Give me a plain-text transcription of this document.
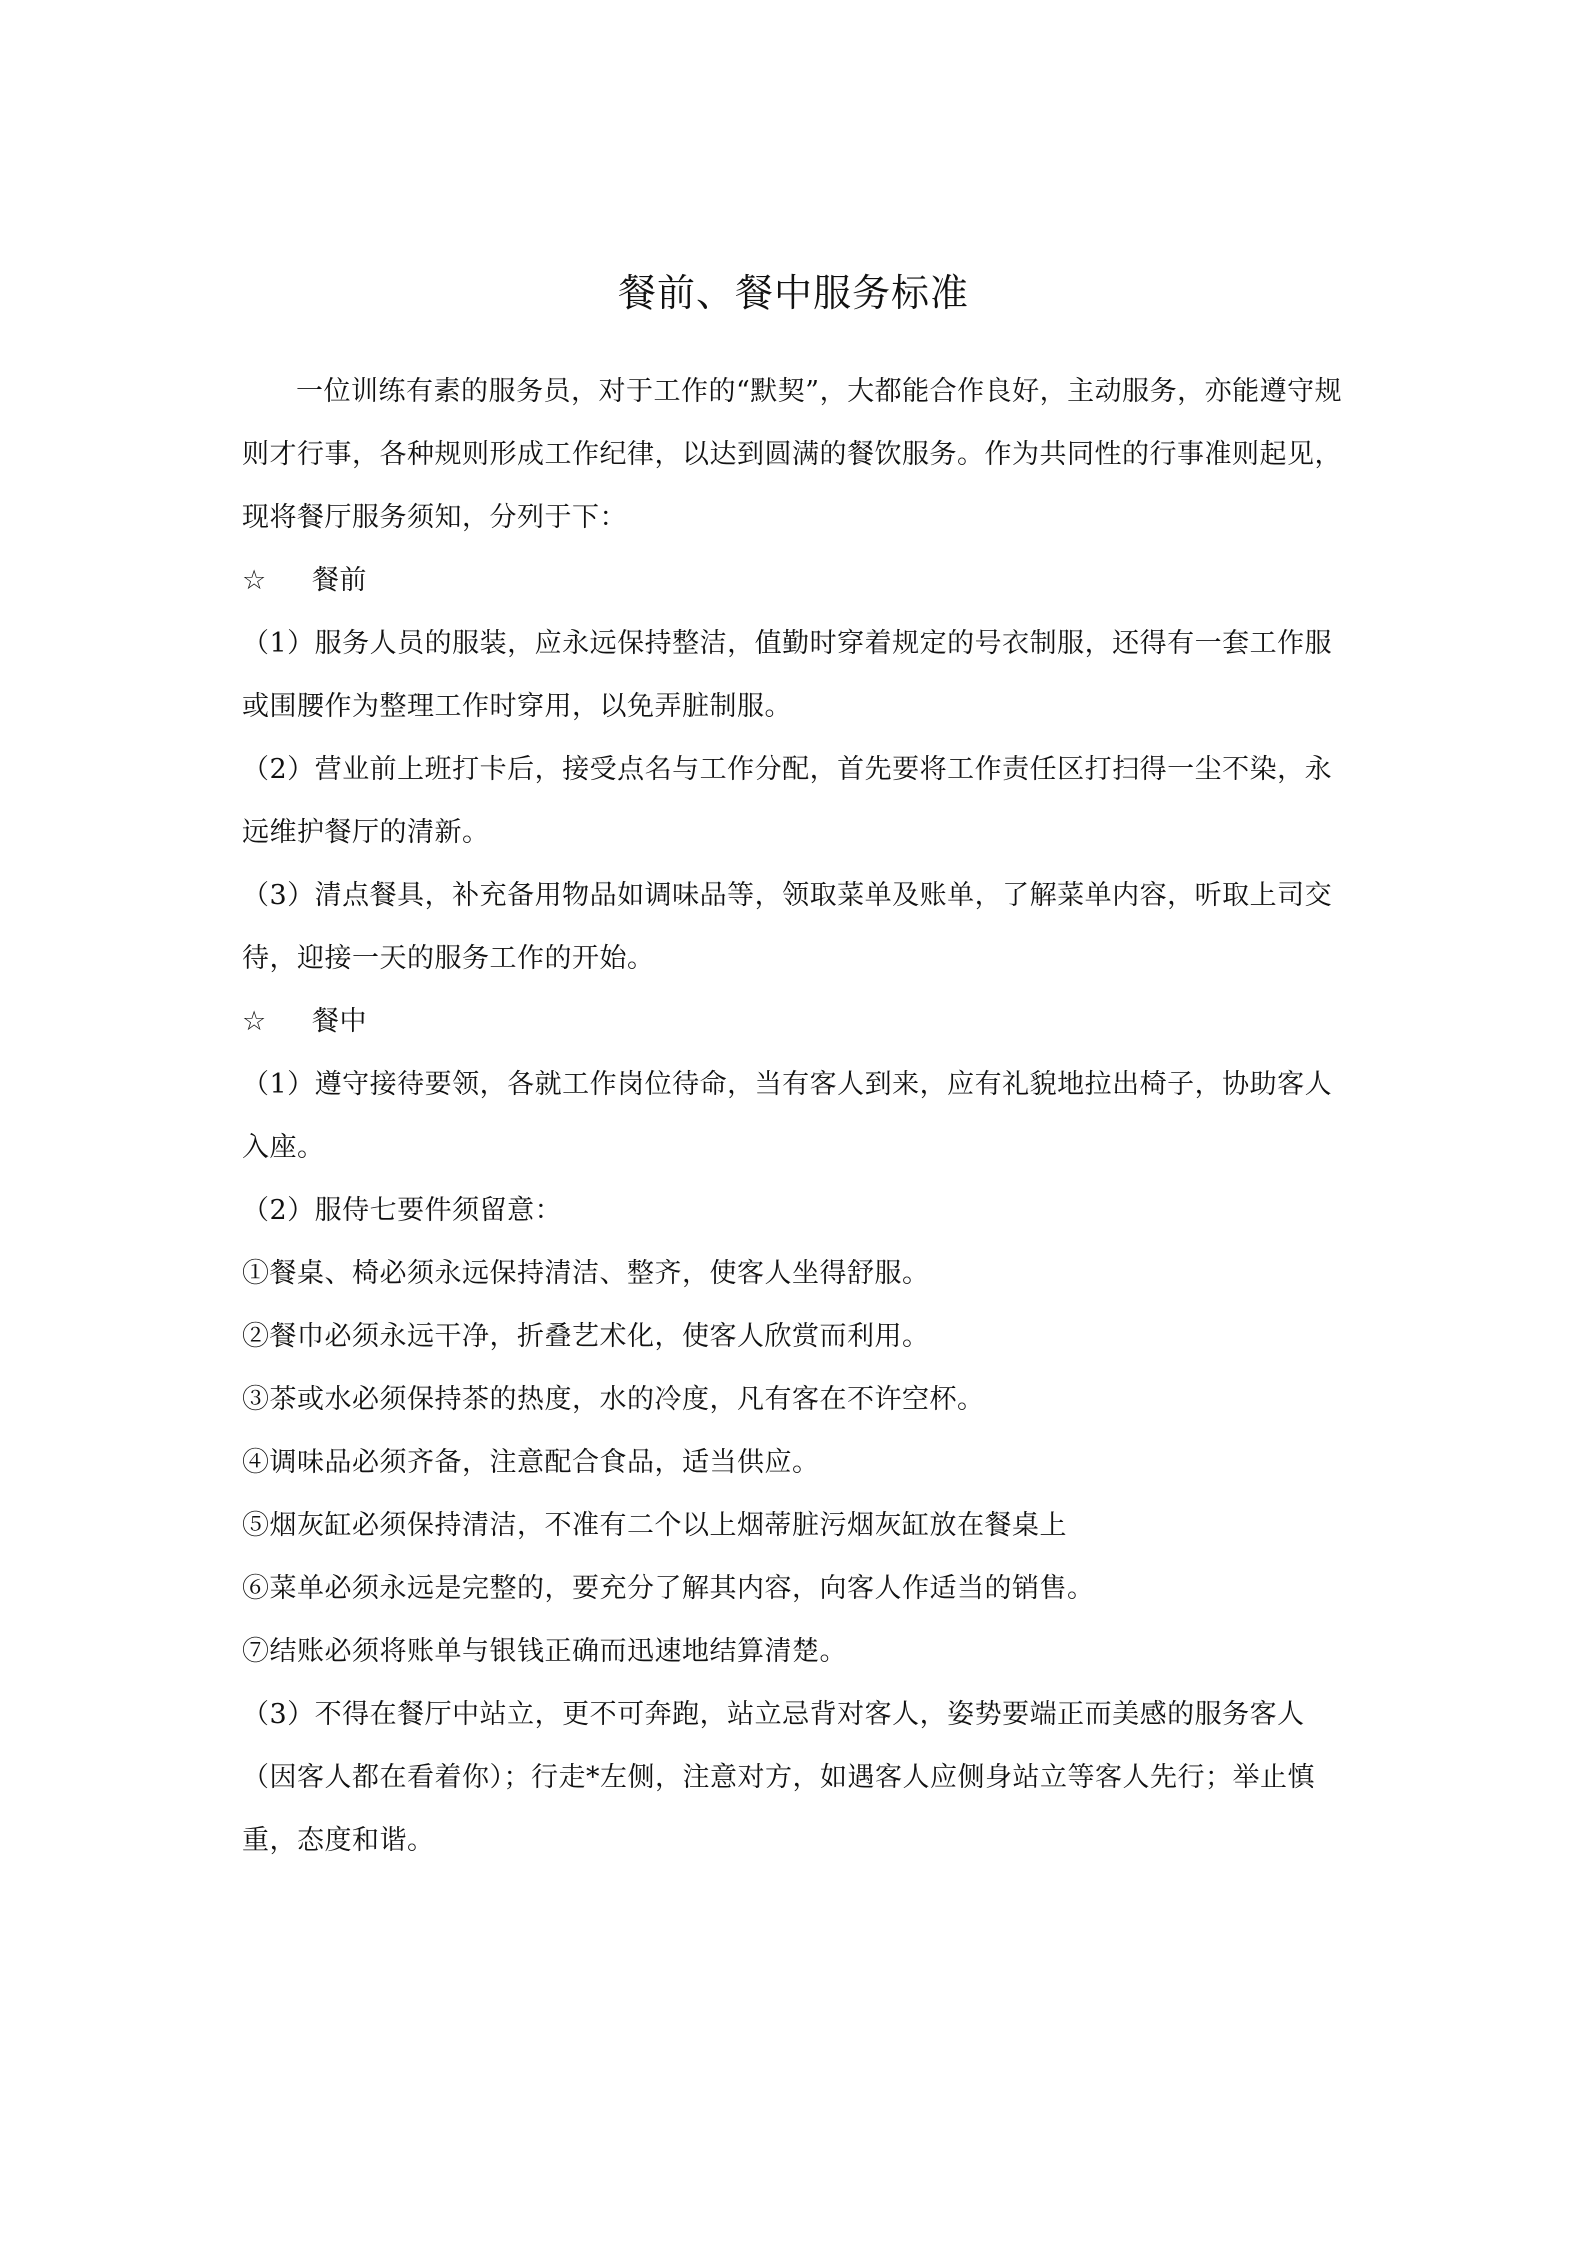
餐前、餐中服务标准

一位训练有素的服务员，对于工作的“默契”，大都能合作良好，主动服务，亦能遵守规则才行事，各种规则形成工作纪律，以达到圆满的餐饮服务。作为共同性的行事准则起见，现将餐厅服务须知，分列于下：

☆ 餐前

（1）服务人员的服装，应永远保持整洁，值勤时穿着规定的号衣制服，还得有一套工作服或围腰作为整理工作时穿用，以免弄脏制服。

（2）营业前上班打卡后，接受点名与工作分配，首先要将工作责任区打扫得一尘不染，永远维护餐厅的清新。

（3）清点餐具，补充备用物品如调味品等，领取菜单及账单，了解菜单内容，听取上司交待，迎接一天的服务工作的开始。

☆ 餐中

（1）遵守接待要领，各就工作岗位待命，当有客人到来，应有礼貌地拉出椅子，协助客人入座。

（2）服侍七要件须留意：

①餐桌、椅必须永远保持清洁、整齐，使客人坐得舒服。

②餐巾必须永远干净，折叠艺术化，使客人欣赏而利用。

③茶或水必须保持茶的热度，水的冷度，凡有客在不许空杯。

④调味品必须齐备，注意配合食品，适当供应。

⑤烟灰缸必须保持清洁，不准有二个以上烟蒂脏污烟灰缸放在餐桌上

⑥菜单必须永远是完整的，要充分了解其内容，向客人作适当的销售。

⑦结账必须将账单与银钱正确而迅速地结算清楚。

（3）不得在餐厅中站立，更不可奔跑，站立忌背对客人，姿势要端正而美感的服务客人（因客人都在看着你）；行走*左侧，注意对方，如遇客人应侧身站立等客人先行；举止慎重，态度和谐。
